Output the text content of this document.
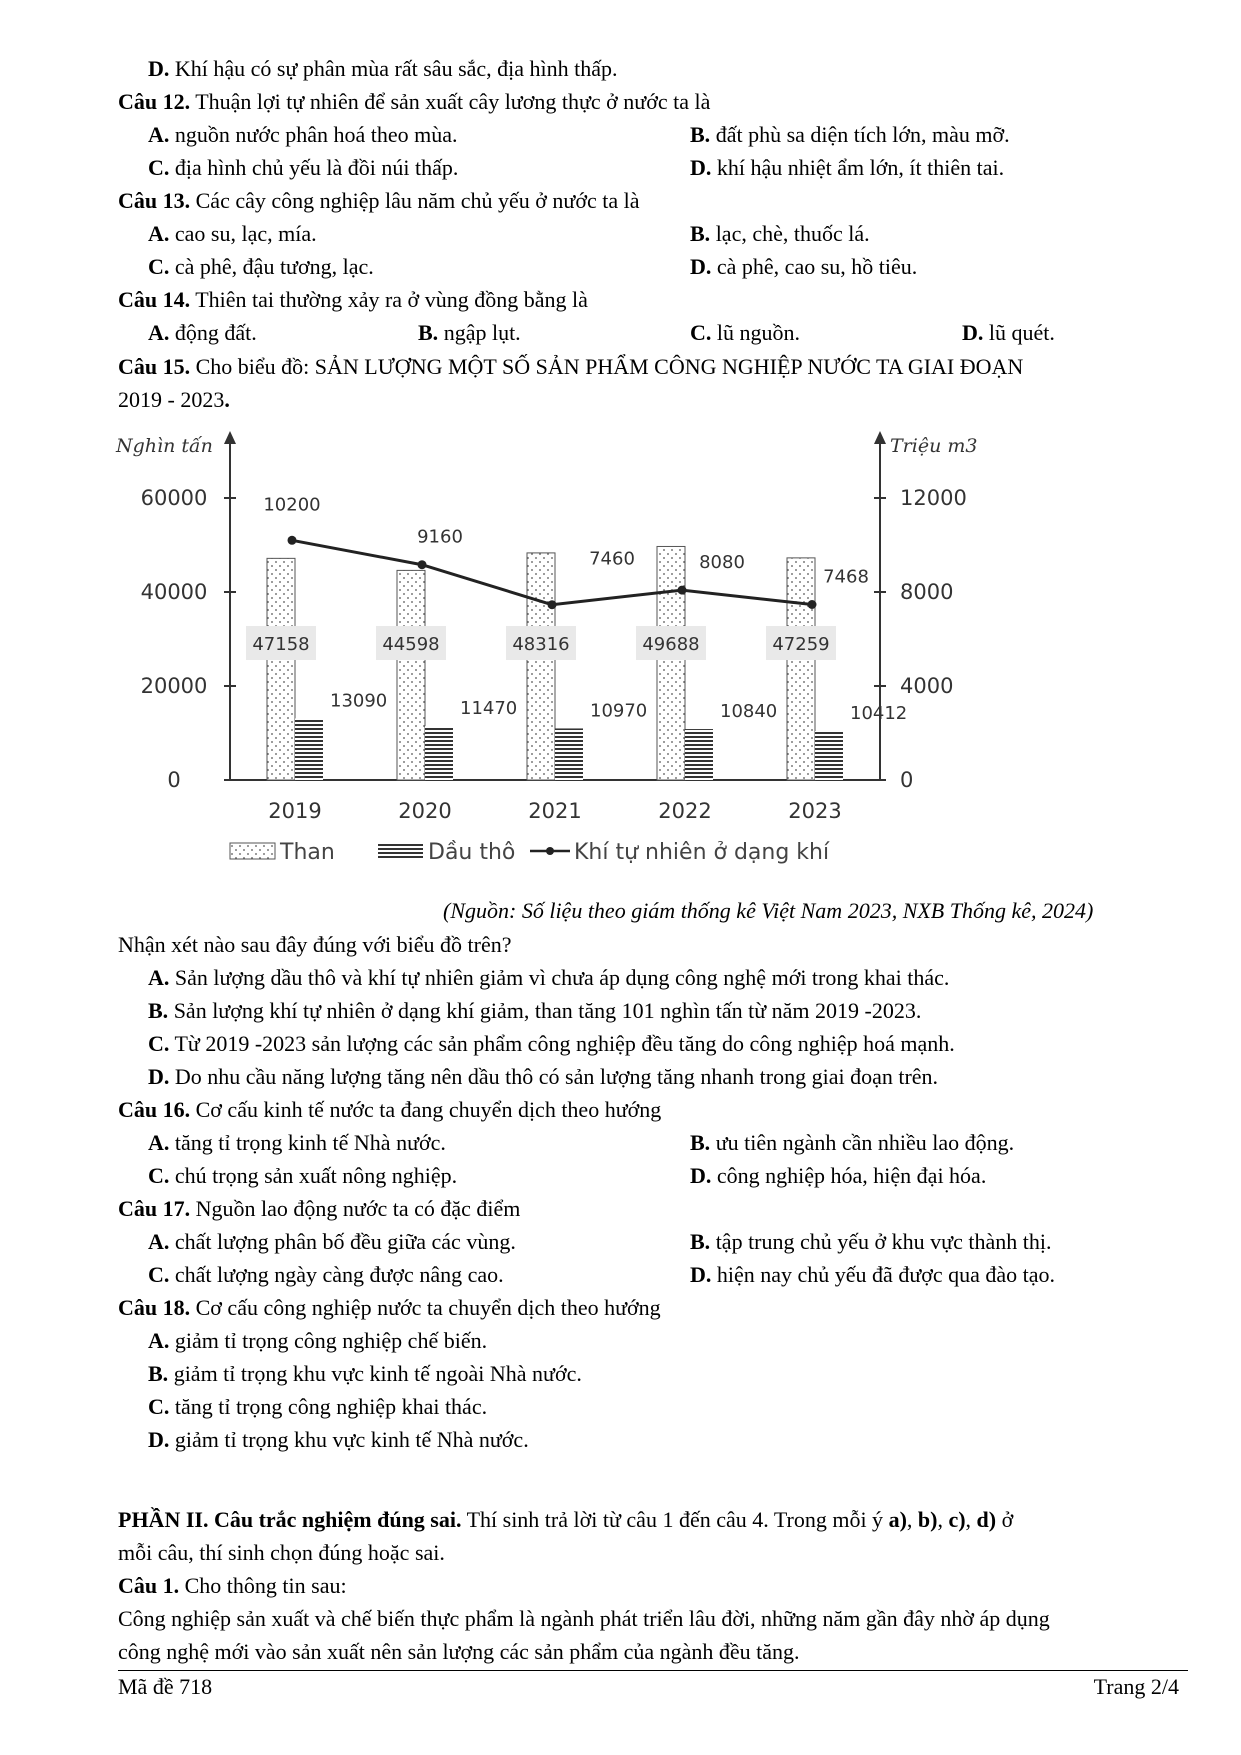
D. Khí hậu có sự phân mùa rất sâu sắc, địa hình thấp.
Câu 12. Thuận lợi tự nhiên để sản xuất cây lương thực ở nước ta là
A. nguồn nước phân hoá theo mùa.	B. đất phù sa diện tích lớn, màu mỡ.
C. địa hình chủ yếu là đồi núi thấp.	D. khí hậu nhiệt ẩm lớn, ít thiên tai.
Câu 13. Các cây công nghiệp lâu năm chủ yếu ở nước ta là
A. cao su, lạc, mía.	B. lạc, chè, thuốc lá.
C. cà phê, đậu tương, lạc.	D. cà phê, cao su, hồ tiêu.
Câu 14. Thiên tai thường xảy ra ở vùng đồng bằng là
A. động đất.	B. ngập lụt.	C. lũ nguồn.	D. lũ quét.
Câu 15. Cho biểu đồ: SẢN LƯỢNG MỘT SỐ SẢN PHẨM CÔNG NGHIỆP NƯỚC TA GIAI ĐOẠN
2019 - 2023.
Nghìn tấn	Triệu m3
0
20000
40000
60000
0
4000
8000
12000
2019	2020	2021	2022	2023
47158	44598	48316	49688	47259
13090	11470	10970	10840	10412
10200
9160
7460	8080
7468
Than	Dầu thô	Khí tự nhiên ở dạng khí
(Nguồn: Số liệu theo giám thống kê Việt Nam 2023, NXB Thống kê, 2024)
Nhận xét nào sau đây đúng với biểu đồ trên?
A. Sản lượng dầu thô và khí tự nhiên giảm vì chưa áp dụng công nghệ mới trong khai thác.
B. Sản lượng khí tự nhiên ở dạng khí giảm, than tăng 101 nghìn tấn từ năm 2019 -2023.
C. Từ 2019 -2023 sản lượng các sản phẩm công nghiệp đều tăng do công nghiệp hoá mạnh.
D. Do nhu cầu năng lượng tăng nên dầu thô có sản lượng tăng nhanh trong giai đoạn trên.
Câu 16. Cơ cấu kinh tế nước ta đang chuyển dịch theo hướng
A. tăng tỉ trọng kinh tế Nhà nước.	B. ưu tiên ngành cần nhiều lao động.
C. chú trọng sản xuất nông nghiệp.	D. công nghiệp hóa, hiện đại hóa.
Câu 17. Nguồn lao động nước ta có đặc điểm
A. chất lượng phân bố đều giữa các vùng.	B. tập trung chủ yếu ở khu vực thành thị.
C. chất lượng ngày càng được nâng cao.	D. hiện nay chủ yếu đã được qua đào tạo.
Câu 18. Cơ cấu công nghiệp nước ta chuyển dịch theo hướng
A. giảm tỉ trọng công nghiệp chế biến.
B. giảm tỉ trọng khu vực kinh tế ngoài Nhà nước.
C. tăng tỉ trọng công nghiệp khai thác.
D. giảm tỉ trọng khu vực kinh tế Nhà nước.
PHẦN II. Câu trắc nghiệm đúng sai. Thí sinh trả lời từ câu 1 đến câu 4. Trong mỗi ý a), b), c), d) ở
mỗi câu, thí sinh chọn đúng hoặc sai.
Câu 1. Cho thông tin sau:
Công nghiệp sản xuất và chế biến thực phẩm là ngành phát triển lâu đời, những năm gần đây nhờ áp dụng
công nghệ mới vào sản xuất nên sản lượng các sản phẩm của ngành đều tăng.
Mã đề 718	Trang 2/4
